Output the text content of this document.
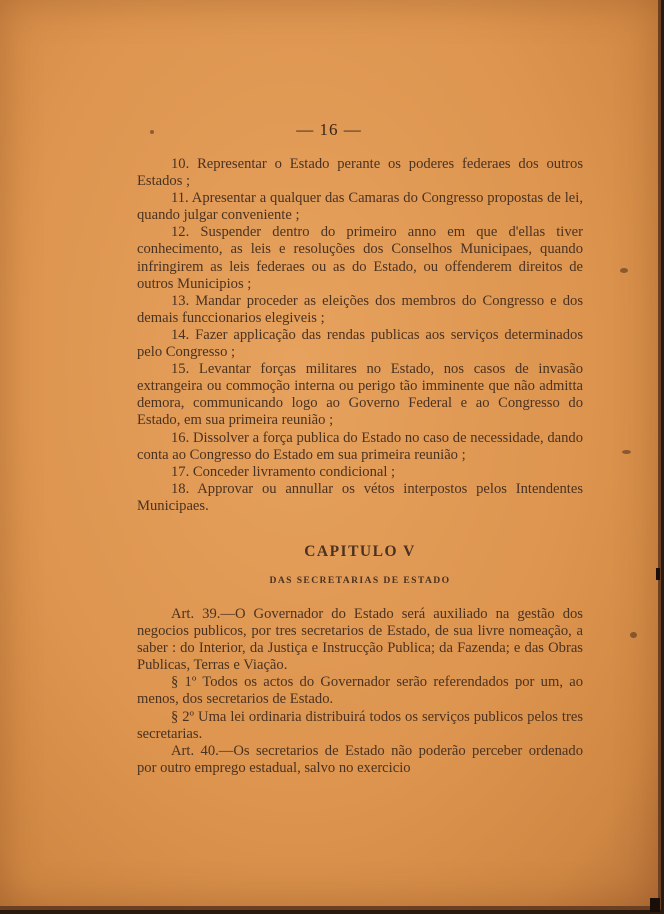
— 16 —

10. Representar o Estado perante os poderes federaes dos outros Estados ;

11. Apresentar a qualquer das Camaras do Congresso propostas de lei, quando julgar conveniente ;

12. Suspender dentro do primeiro anno em que d'ellas tiver conhecimento, as leis e resoluções dos Conselhos Municipaes, quando infringirem as leis federaes ou as do Estado, ou offenderem direitos de outros Municipios ;

13. Mandar proceder as eleições dos membros do Congresso e dos demais funccionarios elegiveis ;

14. Fazer applicação das rendas publicas aos serviços determinados pelo Congresso ;

15. Levantar forças militares no Estado, nos casos de invasão extrangeira ou commoção interna ou perigo tão imminente que não admitta demora, communicando logo ao Governo Federal e ao Congresso do Estado, em sua primeira reunião ;

16. Dissolver a força publica do Estado no caso de necessidade, dando conta ao Congresso do Estado em sua primeira reunião ;

17. Conceder livramento condicional ;

18. Approvar ou annullar os vétos interpostos pelos Intendentes Municipaes.

CAPITULO V
DAS SECRETARIAS DE ESTADO

Art. 39.—O Governador do Estado será auxiliado na gestão dos negocios publicos, por tres secretarios de Estado, de sua livre nomeação, a saber : do Interior, da Justiça e Instrucção Publica; da Fazenda; e das Obras Publicas, Terras e Viação.

§ 1º Todos os actos do Governador serão referendados por um, ao menos, dos secretarios de Estado.

§ 2º Uma lei ordinaria distribuirá todos os serviços publicos pelos tres secretarias.

Art. 40.—Os secretarios de Estado não poderão perceber ordenado por outro emprego estadual, salvo no exercicio
